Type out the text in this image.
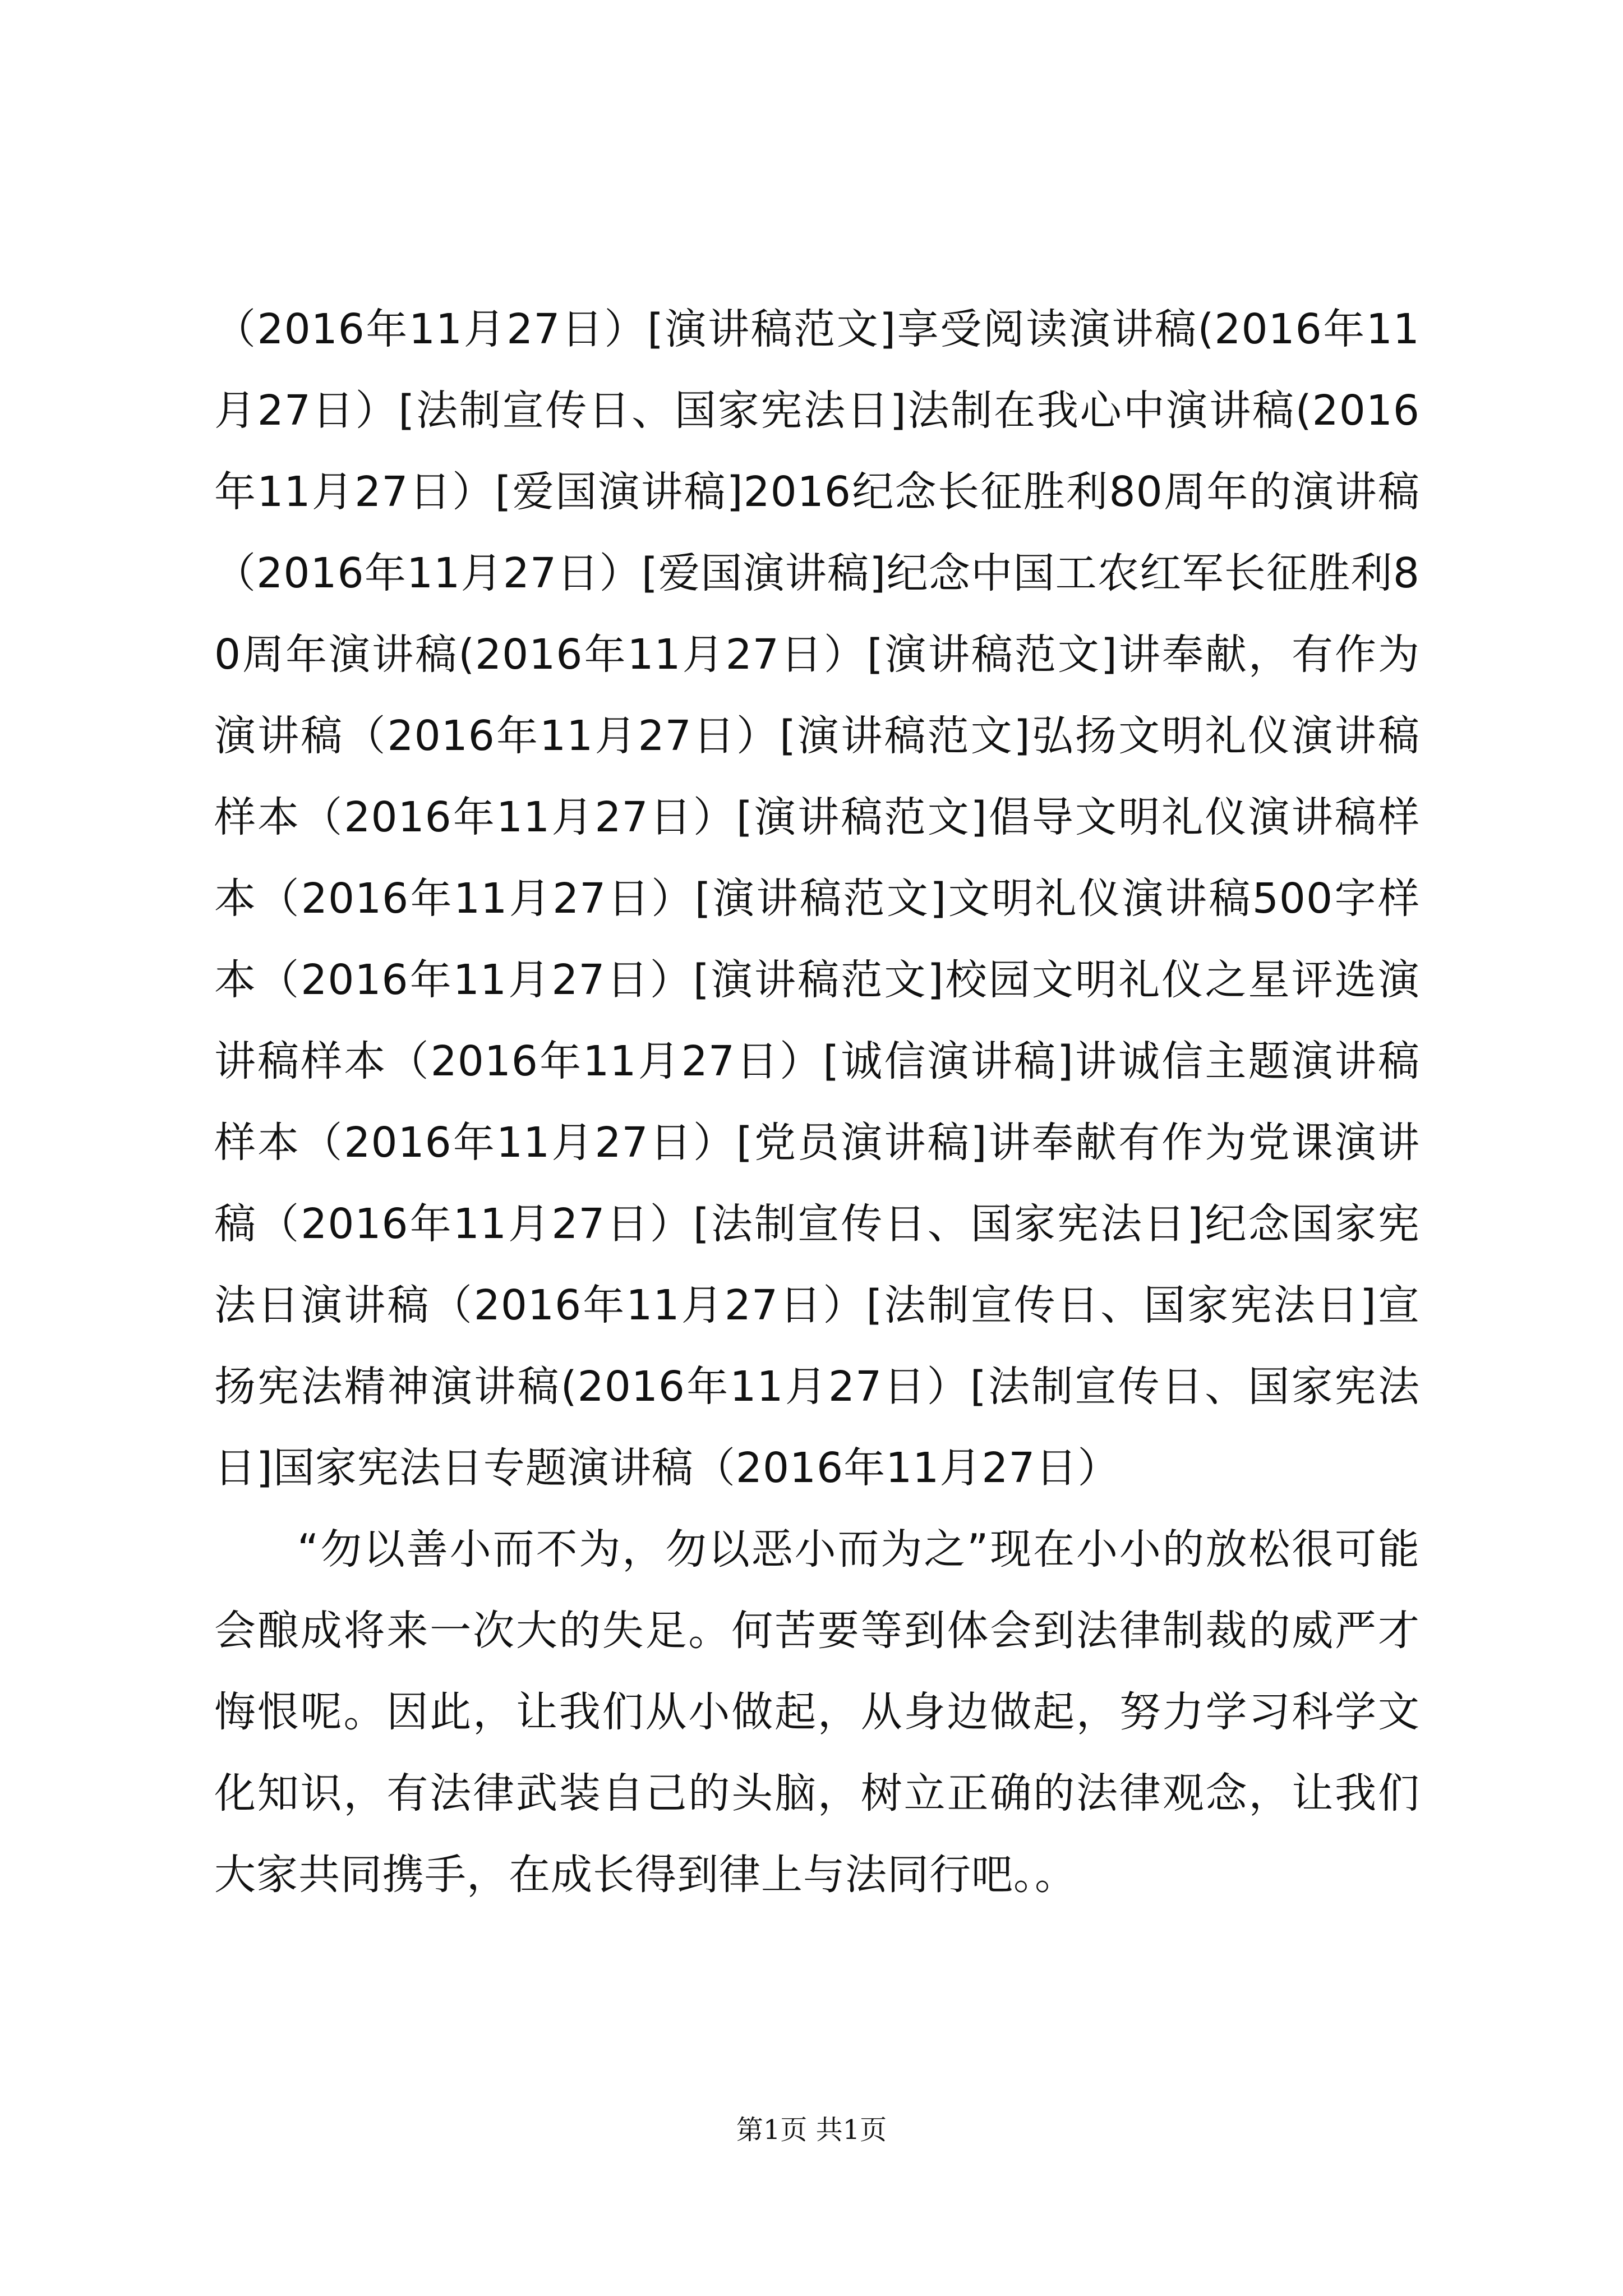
（2016年11月27日）[演讲稿范文]享受阅读演讲稿(2016年11月27日）[法制宣传日、国家宪法日]法制在我心中演讲稿(2016年11月27日）[爱国演讲稿]2016纪念长征胜利80周年的演讲稿（2016年11月27日）[爱国演讲稿]纪念中国工农红军长征胜利80周年演讲稿(2016年11月27日）[演讲稿范文]讲奉献，有作为演讲稿（2016年11月27日）[演讲稿范文]弘扬文明礼仪演讲稿样本（2016年11月27日）[演讲稿范文]倡导文明礼仪演讲稿样本（2016年11月27日）[演讲稿范文]文明礼仪演讲稿500字样本（2016年11月27日）[演讲稿范文]校园文明礼仪之星评选演讲稿样本（2016年11月27日）[诚信演讲稿]讲诚信主题演讲稿样本（2016年11月27日）[党员演讲稿]讲奉献有作为党课演讲稿（2016年11月27日）[法制宣传日、国家宪法日]纪念国家宪法日演讲稿（2016年11月27日）[法制宣传日、国家宪法日]宣扬宪法精神演讲稿(2016年11月27日）[法制宣传日、国家宪法日]国家宪法日专题演讲稿（2016年11月27日）

“勿以善小而不为，勿以恶小而为之”现在小小的放松很可能会酿成将来一次大的失足。何苦要等到体会到法律制裁的威严才悔恨呢。因此，让我们从小做起，从身边做起，努力学习科学文化知识，有法律武装自己的头脑，树立正确的法律观念，让我们大家共同携手，在成长得到律上与法同行吧。。

第1页 共1页
